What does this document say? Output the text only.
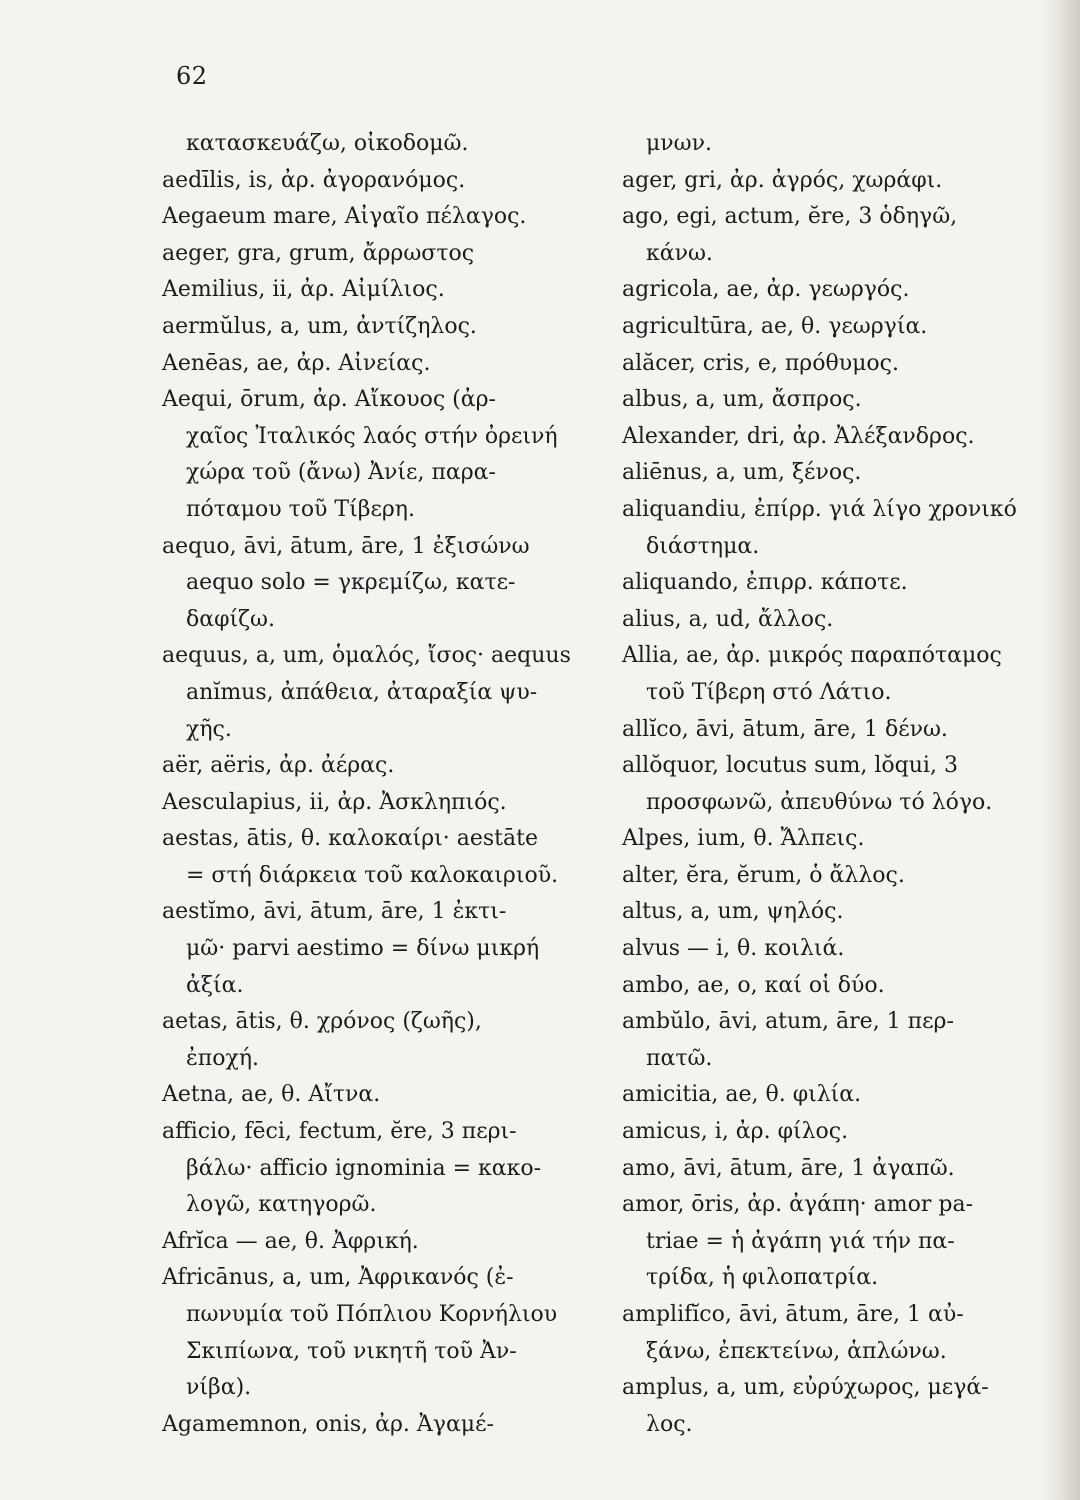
62
κατασκευάζω, οἰκοδομῶ.
aedīlis, is, ἀρ. ἀγορανόμος.
Aegaeum mare, Αἰγαῖο πέλαγος.
aeger, gra, grum, ἄρρωστος
Aemilius, ii, ἀρ. Αἰμίλιος.
aermŭlus, a, um, ἀντίζηλος.
Aenēas, ae, ἀρ. Αἰνείας.
Aequi, ōrum, ἀρ. Αἴκουος (ἀρ-
χαῖος Ἰταλικός λαός στήν ὀρεινή
χώρα τοῦ (ἄνω) Ἀνίε, παρα-
πόταμου τοῦ Τίβερη.
aequo, āvi, ātum, āre, 1 ἐξισώνω
aequo solo = γκρεμίζω, κατε-
δαφίζω.
aequus, a, um, ὁμαλός, ἴσος· aequus
anĭmus, ἀπάθεια, ἀταραξία ψυ-
χῆς.
aër, aëris, ἀρ. ἀέρας.
Aesculapius, ii, ἀρ. Ἀσκληπιός.
aestas, ātis, θ. καλοκαίρι· aestāte
= στή διάρκεια τοῦ καλοκαιριοῦ.
aestĭmo, āvi, ātum, āre, 1 ἐκτι-
μῶ· parvi aestimo = δίνω μικρή
ἀξία.
aetas, ātis, θ. χρόνος (ζωῆς),
ἐποχή.
Aetna, ae, θ. Αἴτνα.
afficio, fēci, fectum, ĕre, 3 περι-
βάλω· afficio ignominia = κακο-
λογῶ, κατηγορῶ.
Afrĭca — ae, θ. Ἀφρική.
Africānus, a, um, Ἀφρικανός (ἐ-
πωνυμία τοῦ Πόπλιου Κορνήλιου
Σκιπίωνα, τοῦ νικητῆ τοῦ Ἀν-
νίβα).
Agamemnon, onis, ἀρ. Ἀγαμέ-
μνων.
ager, gri, ἀρ. ἀγρός, χωράφι.
ago, egi, actum, ĕre, 3 ὁδηγῶ,
κάνω.
agricola, ae, ἀρ. γεωργός.
agricultūra, ae, θ. γεωργία.
alăcer, cris, e, πρόθυμος.
albus, a, um, ἄσπρος.
Alexander, dri, ἀρ. Ἀλέξανδρος.
aliēnus, a, um, ξένος.
aliquandiu, ἐπίρρ. γιά λίγο χρονικό
διάστημα.
aliquando, ἐπιρρ. κάποτε.
alius, a, ud, ἄλλος.
Allia, ae, ἀρ. μικρός παραπόταμος
τοῦ Τίβερη στό Λάτιο.
allĭco, āvi, ātum, āre, 1 δένω.
allŏquor, locutus sum, lŏqui, 3
προσφωνῶ, ἀπευθύνω τό λόγο.
Alpes, ium, θ. Ἄλπεις.
alter, ĕra, ĕrum, ὁ ἄλλος.
altus, a, um, ψηλός.
alvus — i, θ. κοιλιά.
ambo, ae, o, καί οἱ δύο.
ambŭlo, āvi, atum, āre, 1 περ-
πατῶ.
amicitia, ae, θ. φιλία.
amicus, i, ἀρ. φίλος.
amo, āvi, ātum, āre, 1 ἀγαπῶ.
amor, ōris, ἀρ. ἀγάπη· amor pa-
triae = ἡ ἀγάπη γιά τήν πα-
τρίδα, ἡ φιλοπατρία.
amplifĭco, āvi, ātum, āre, 1 αὐ-
ξάνω, ἐπεκτείνω, ἁπλώνω.
amplus, a, um, εὐρύχωρος, μεγά-
λος.
